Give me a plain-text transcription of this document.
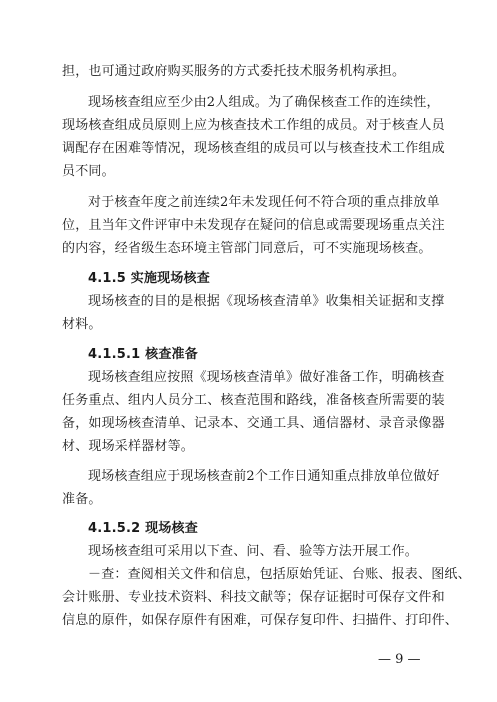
担，也可通过政府购买服务的方式委托技术服务机构承担。
现场核查组应至少由2人组成。为了确保核查工作的连续性，
现场核查组成员原则上应为核查技术工作组的成员。对于核查人员
调配存在困难等情况，现场核查组的成员可以与核查技术工作组成
员不同。
对于核查年度之前连续2年未发现任何不符合项的重点排放单
位，且当年文件评审中未发现存在疑问的信息或需要现场重点关注
的内容，经省级生态环境主管部门同意后，可不实施现场核查。
4.1.5 实施现场核查
现场核查的目的是根据《现场核查清单》收集相关证据和支撑
材料。
4.1.5.1 核查准备
现场核查组应按照《现场核查清单》做好准备工作，明确核查
任务重点、组内人员分工、核查范围和路线，准备核查所需要的装
备，如现场核查清单、记录本、交通工具、通信器材、录音录像器
材、现场采样器材等。
现场核查组应于现场核查前2个工作日通知重点排放单位做好
准备。
4.1.5.2 现场核查
现场核查组可采用以下查、问、看、验等方法开展工作。
－查：查阅相关文件和信息，包括原始凭证、台账、报表、图纸、
会计账册、专业技术资料、科技文献等；保存证据时可保存文件和
信息的原件，如保存原件有困难，可保存复印件、扫描件、打印件、
— 9 —
